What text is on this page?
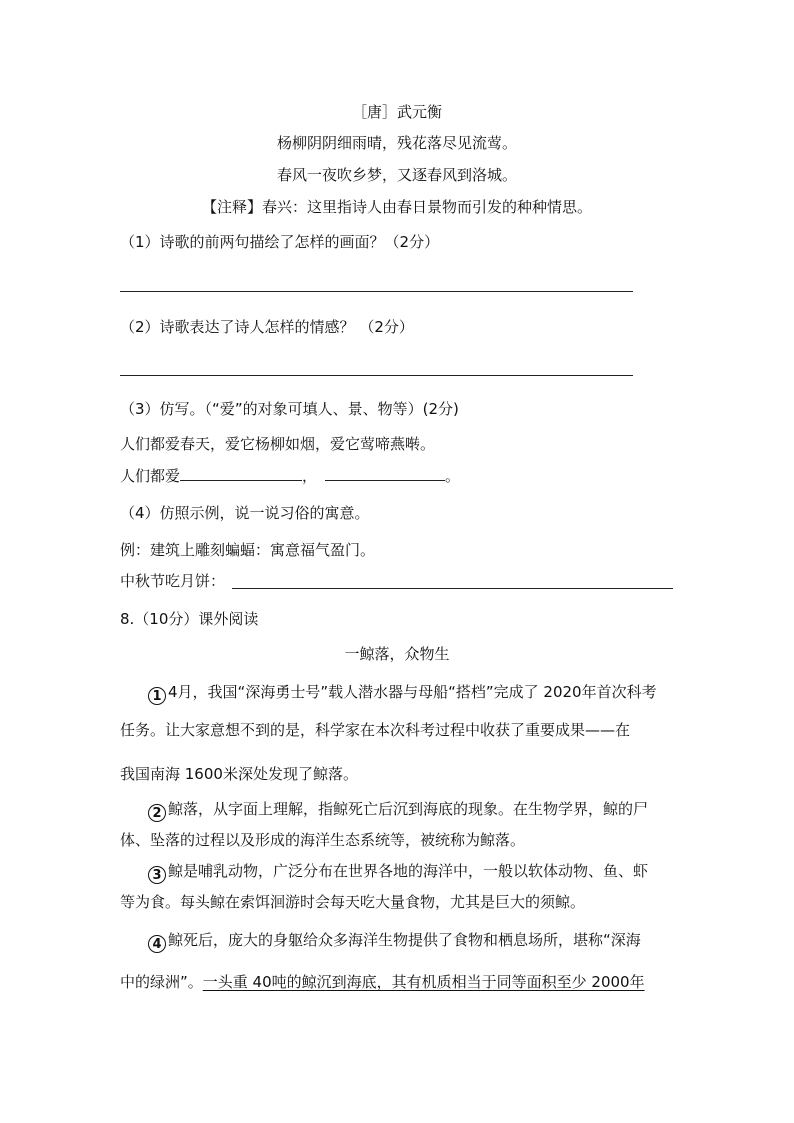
［唐］武元衡
杨柳阴阴细雨晴，残花落尽见流莺。
春风一夜吹乡梦，又逐春风到洛城。
【注释】春兴：这里指诗人由春日景物而引发的种种情思。
（1）诗歌的前两句描绘了怎样的画面？（2分）
（2）诗歌表达了诗人怎样的情感？ （2分）
（3）仿写。（“爱”的对象可填人、景、物等）(2分)
人们都爱春天，爱它杨柳如烟，爱它莺啼燕啭。
人们都爱	，	。
（4）仿照示例，说一说习俗的寓意。
例：建筑上雕刻蝙蝠：寓意福气盈门。
中秋节吃月饼：
8.（10分）课外阅读
一鲸落，众物生
1 4月，我国“深海勇士号”载人潜水器与母船“搭档”完成了 2020年首次科考
任务。让大家意想不到的是，科学家在本次科考过程中收获了重要成果——在
我国南海 1600米深处发现了鲸落。
2 鲸落，从字面上理解，指鲸死亡后沉到海底的现象。在生物学界，鲸的尸
体、坠落的过程以及形成的海洋生态系统等，被统称为鲸落。
3 鲸是哺乳动物，广泛分布在世界各地的海洋中，一般以软体动物、鱼、虾
等为食。每头鲸在索饵洄游时会每天吃大量食物，尤其是巨大的须鲸。
4 鲸死后，庞大的身躯给众多海洋生物提供了食物和栖息场所，堪称“深海
中的绿洲”。一头重 40吨的鲸沉到海底，其有机质相当于同等面积至少 2000年
